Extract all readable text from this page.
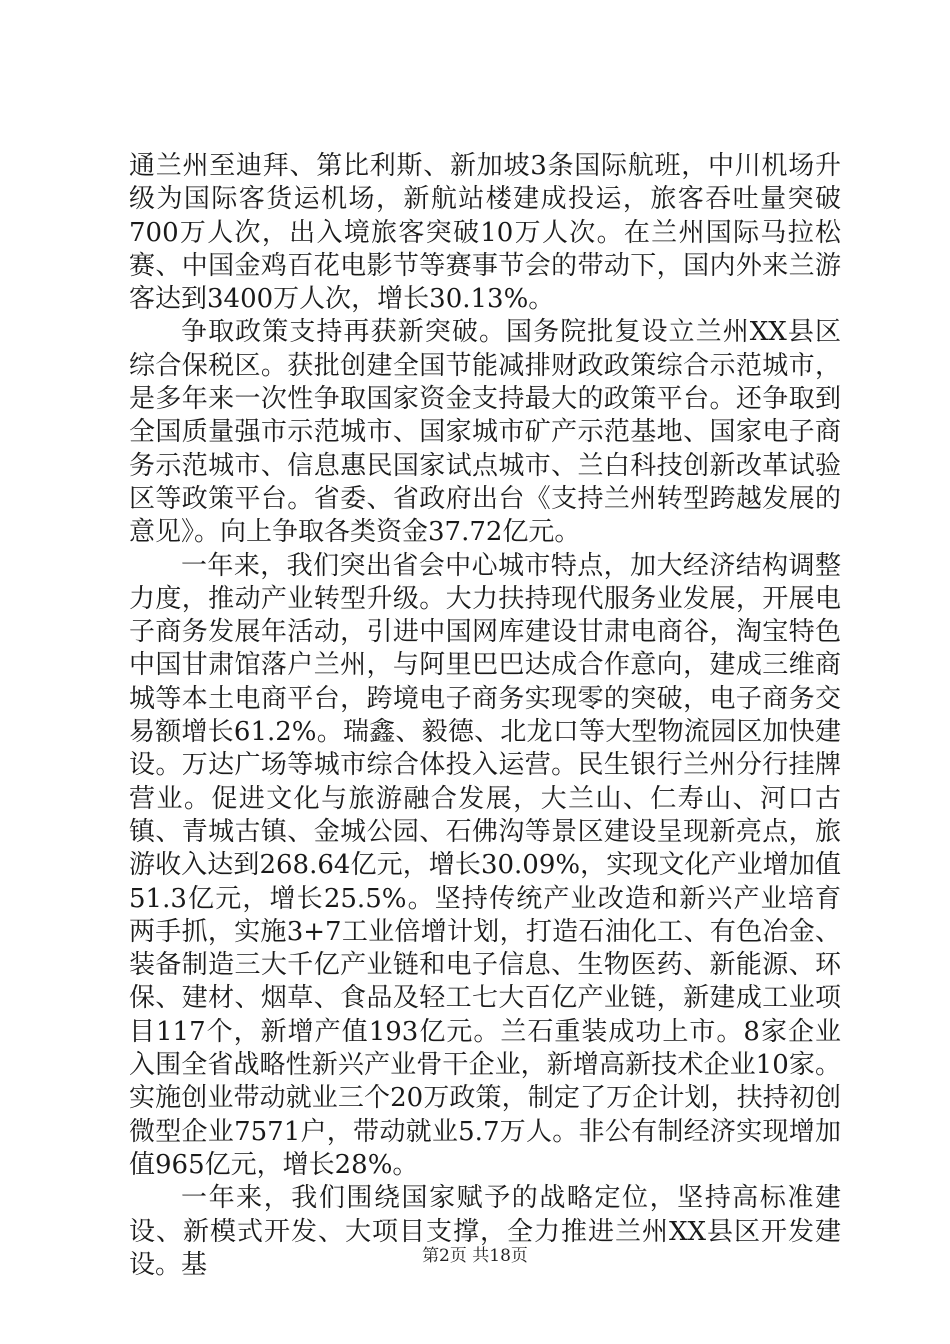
通兰州至迪拜、第比利斯、新加坡3条国际航班，中川机场升级为国际客货运机场，新航站楼建成投运，旅客吞吐量突破700万人次，出入境旅客突破10万人次。在兰州国际马拉松赛、中国金鸡百花电影节等赛事节会的带动下，国内外来兰游客达到3400万人次，增长30.13%。

争取政策支持再获新突破。国务院批复设立兰州XX县区综合保税区。获批创建全国节能减排财政政策综合示范城市，是多年来一次性争取国家资金支持最大的政策平台。还争取到全国质量强市示范城市、国家城市矿产示范基地、国家电子商务示范城市、信息惠民国家试点城市、兰白科技创新改革试验区等政策平台。省委、省政府出台《支持兰州转型跨越发展的意见》。向上争取各类资金37.72亿元。

一年来，我们突出省会中心城市特点，加大经济结构调整力度，推动产业转型升级。大力扶持现代服务业发展，开展电子商务发展年活动，引进中国网库建设甘肃电商谷，淘宝特色中国甘肃馆落户兰州，与阿里巴巴达成合作意向，建成三维商城等本土电商平台，跨境电子商务实现零的突破，电子商务交易额增长61.2%。瑞鑫、毅德、北龙口等大型物流园区加快建设。万达广场等城市综合体投入运营。民生银行兰州分行挂牌营业。促进文化与旅游融合发展，大兰山、仁寿山、河口古镇、青城古镇、金城公园、石佛沟等景区建设呈现新亮点，旅游收入达到268.64亿元，增长30.09%，实现文化产业增加值51.3亿元，增长25.5%。坚持传统产业改造和新兴产业培育两手抓，实施3+7工业倍增计划，打造石油化工、有色冶金、装备制造三大千亿产业链和电子信息、生物医药、新能源、环保、建材、烟草、食品及轻工七大百亿产业链，新建成工业项目117个，新增产值193亿元。兰石重装成功上市。8家企业入围全省战略性新兴产业骨干企业，新增高新技术企业10家。实施创业带动就业三个20万政策，制定了万企计划，扶持初创微型企业7571户，带动就业5.7万人。非公有制经济实现增加值965亿元，增长28%。

一年来，我们围绕国家赋予的战略定位，坚持高标准建设、新模式开发、大项目支撑，全力推进兰州XX县区开发建设。基	第2页 共18页
